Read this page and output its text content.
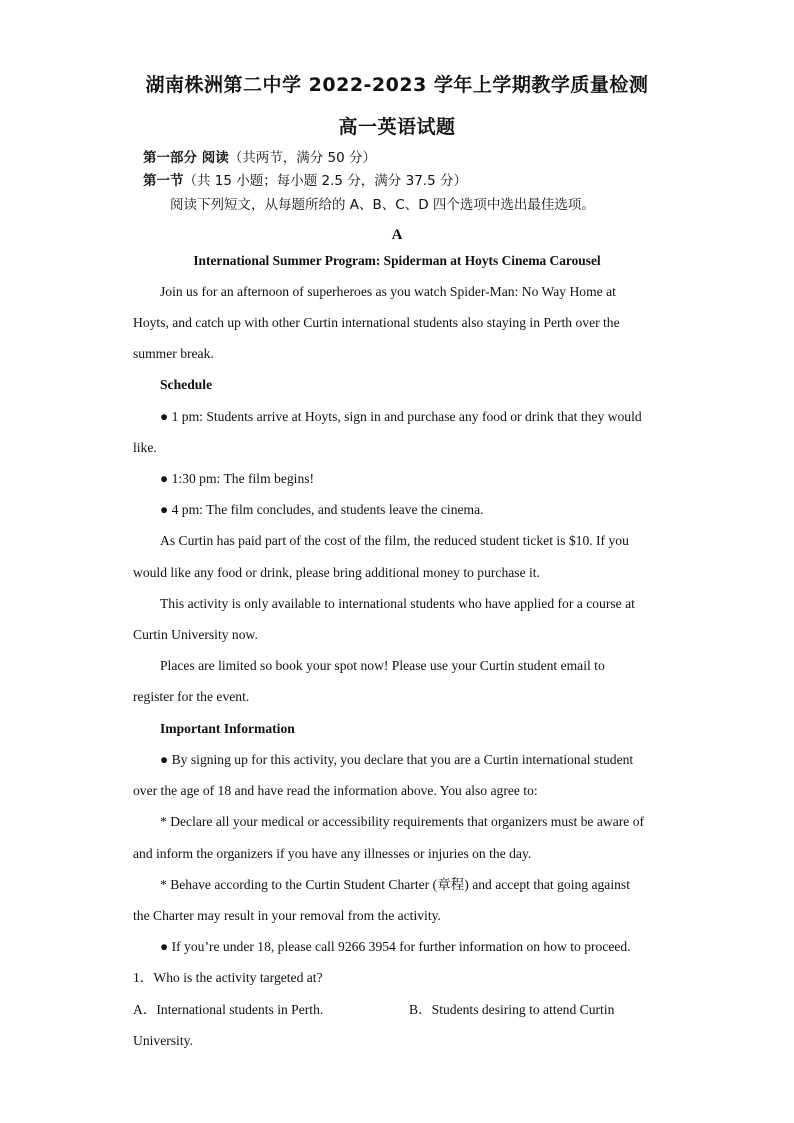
湖南株洲第二中学 2022-2023 学年上学期教学质量检测
高一英语试题
第一部分 阅读（共两节，满分 50 分）
第一节（共 15 小题；每小题 2.5 分，满分 37.5 分）
阅读下列短文，从每题所给的 A、B、C、D 四个选项中选出最佳选项。
A
International Summer Program: Spiderman at Hoyts Cinema Carousel
Join us for an afternoon of superheroes as you watch Spider-Man: No Way Home at
Hoyts, and catch up with other Curtin international students also staying in Perth over the
summer break.
Schedule
● 1 pm: Students arrive at Hoyts, sign in and purchase any food or drink that they would
like.
● 1:30 pm: The film begins!
● 4 pm: The film concludes, and students leave the cinema.
As Curtin has paid part of the cost of the film, the reduced student ticket is $10. If you
would like any food or drink, please bring additional money to purchase it.
This activity is only available to international students who have applied for a course at
Curtin University now.
Places are limited so book your spot now! Please use your Curtin student email to
register for the event.
Important Information
● By signing up for this activity, you declare that you are a Curtin international student
over the age of 18 and have read the information above. You also agree to:
* Declare all your medical or accessibility requirements that organizers must be aware of
and inform the organizers if you have any illnesses or injuries on the day.
* Behave according to the Curtin Student Charter (章程) and accept that going against
the Charter may result in your removal from the activity.
● If you’re under 18, please call 9266 3954 for further information on how to proceed.
1．Who is the activity targeted at?
A．International students in Perth.	B．Students desiring to attend Curtin
University.
